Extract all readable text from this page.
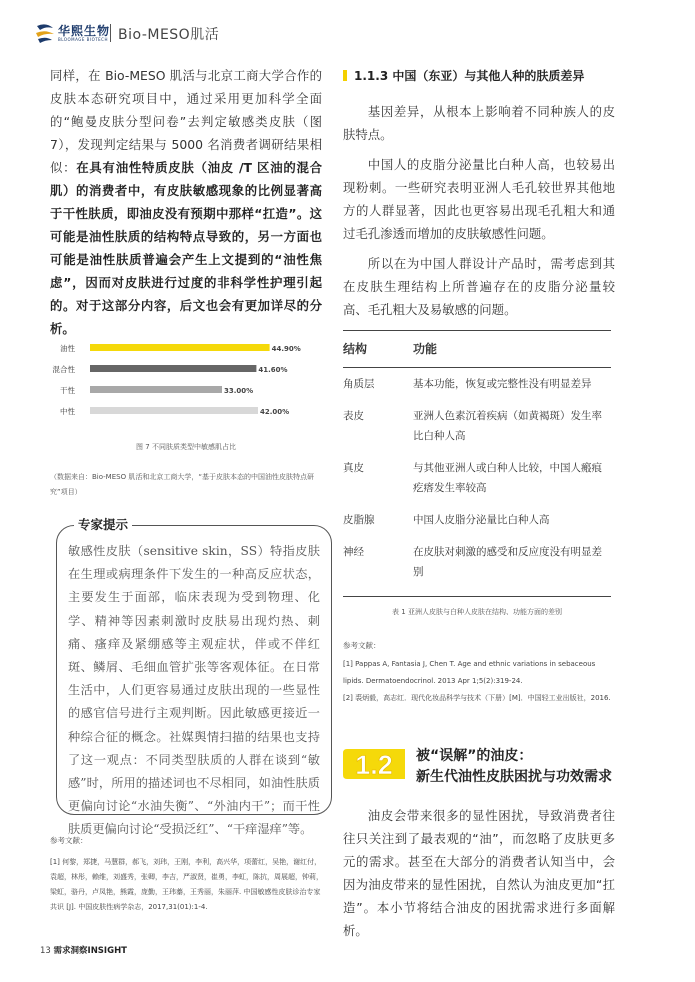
华熙生物
BLOOMAGE BIOTECH Bio-MESO肌活

同样，在 Bio-MESO 肌活与北京工商大学合作的皮肤本态研究项目中，通过采用更加科学全面的“鲍曼皮肤分型问卷”去判定敏感类皮肤（图 7），发现判定结果与 5000 名消费者调研结果相似：在具有油性特质皮肤（油皮 /T 区油的混合肌）的消费者中，有皮肤敏感现象的比例显著高于干性肤质，即油皮没有预期中那样“扛造”。这可能是油性肤质的结构特点导致的，另一方面也可能是油性肤质普遍会产生上文提到的“油性焦虑”，因而对皮肤进行过度的非科学性护理引起的。对于这部分内容，后文也会有更加详尽的分析。

油性	44.90%
混合性	41.60%
干性	33.00%
中性	42.00%
图 7 不同肤质类型中敏感肌占比
（数据来自：Bio-MESO 肌活和北京工商大学，“基于皮肤本态的中国油性皮肤特点研究”项目）
专家提示
敏感性皮肤（sensitive skin，SS）特指皮肤在生理或病理条件下发生的一种高反应状态，主要发生于面部，临床表现为受到物理、化学、精神等因素刺激时皮肤易出现灼热、刺痛、瘙痒及紧绷感等主观症状，伴或不伴红斑、鳞屑、毛细血管扩张等客观体征。在日常生活中，人们更容易通过皮肤出现的一些显性的感官信号进行主观判断。因此敏感更接近一种综合征的概念。社媒舆情扫描的结果也支持了这一观点：不同类型肤质的人群在谈到“敏感”时，所用的描述词也不尽相同，如油性肤质更偏向讨论“水油失衡”、“外油内干”；而干性肤质更偏向讨论“受损泛红”、“干痒湿痒”等。
参考文献：
[1] 何黎，郑捷，马慧群，郝飞，刘玮，王刚，李利，高兴华，项蕾红，吴艳，谢红付，袁超，林彤，赖维，刘盛秀，张卿，李吉，严淑贤，崔勇，李虹，陈抗，周展超，钟莉，梁虹，骆丹，卢凤艳，熊霞，庞勤，王玮蓁，王秀丽，朱丽萍. 中国敏感性皮肤诊治专家共识 [J]. 中国皮肤性病学杂志，2017,31(01):1-4.
13 需求洞察INSIGHT
1.1.3 中国（东亚）与其他人种的肤质差异

基因差异，从根本上影响着不同种族人的皮肤特点。

中国人的皮脂分泌量比白种人高，也较易出现粉刺。一些研究表明亚洲人毛孔较世界其他地方的人群显著，因此也更容易出现毛孔粗大和通过毛孔渗透而增加的皮肤敏感性问题。

所以在为中国人群设计产品时，需考虑到其在皮肤生理结构上所普遍存在的皮脂分泌量较高、毛孔粗大及易敏感的问题。

结构	功能
角质层	基本功能，恢复或完整性没有明显差异
表皮	亚洲人色素沉着疾病（如黄褐斑）发生率比白种人高
真皮	与其他亚洲人或白种人比较，中国人瘢痕疙瘩发生率较高
皮脂腺	中国人皮脂分泌量比白种人高
神经	在皮肤对刺激的感受和反应度没有明显差别
表 1 亚洲人皮肤与白种人皮肤在结构、功能方面的差别
参考文献：
[1] Pappas A, Fantasia J, Chen T. Age and ethnic variations in sebaceous lipids. Dermatoendocrinol. 2013 Apr 1;5(2):319-24.
[2] 裘炳毅，高志红．现代化妆品科学与技术（下册）[M]．中国轻工业出版社，2016.
1.2 被“误解”的油皮：
新生代油性皮肤困扰与功效需求

油皮会带来很多的显性困扰，导致消费者往往只关注到了最表观的“油”，而忽略了皮肤更多元的需求。甚至在大部分的消费者认知当中，会因为油皮带来的显性困扰，自然认为油皮更加“扛造”。本小节将结合油皮的困扰需求进行多面解析。
